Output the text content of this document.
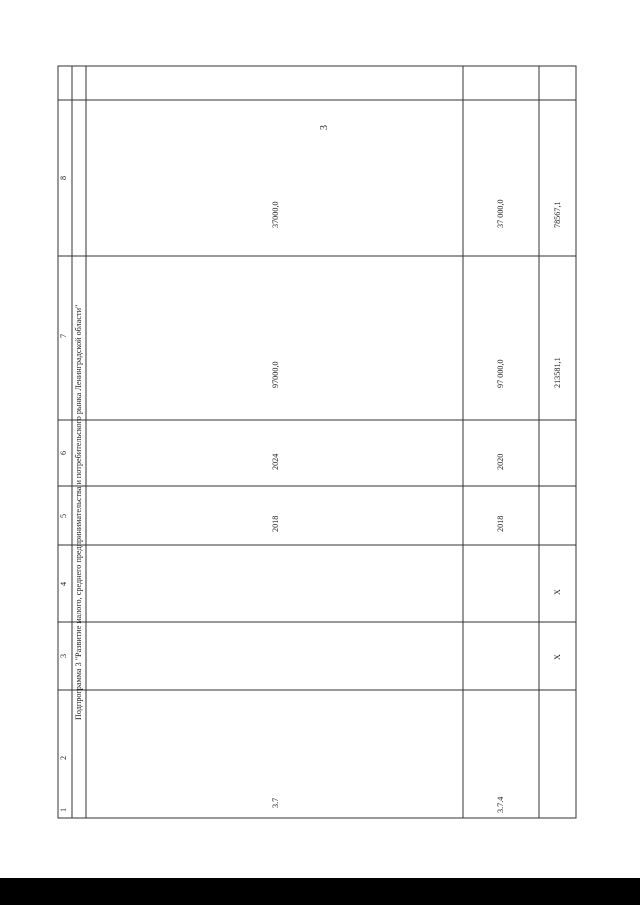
3
1
2
3
4
5
6
7
8
Подпрограмма 3 "Развитие малого, среднего предпринимательства и потребительского рынка Ленинградской области"
3.7
2018
2024
97000,0
37000,0
3.7.4
2018
2020
97 000,0
37 000,0
Х
Х
213581,1
78567,1
